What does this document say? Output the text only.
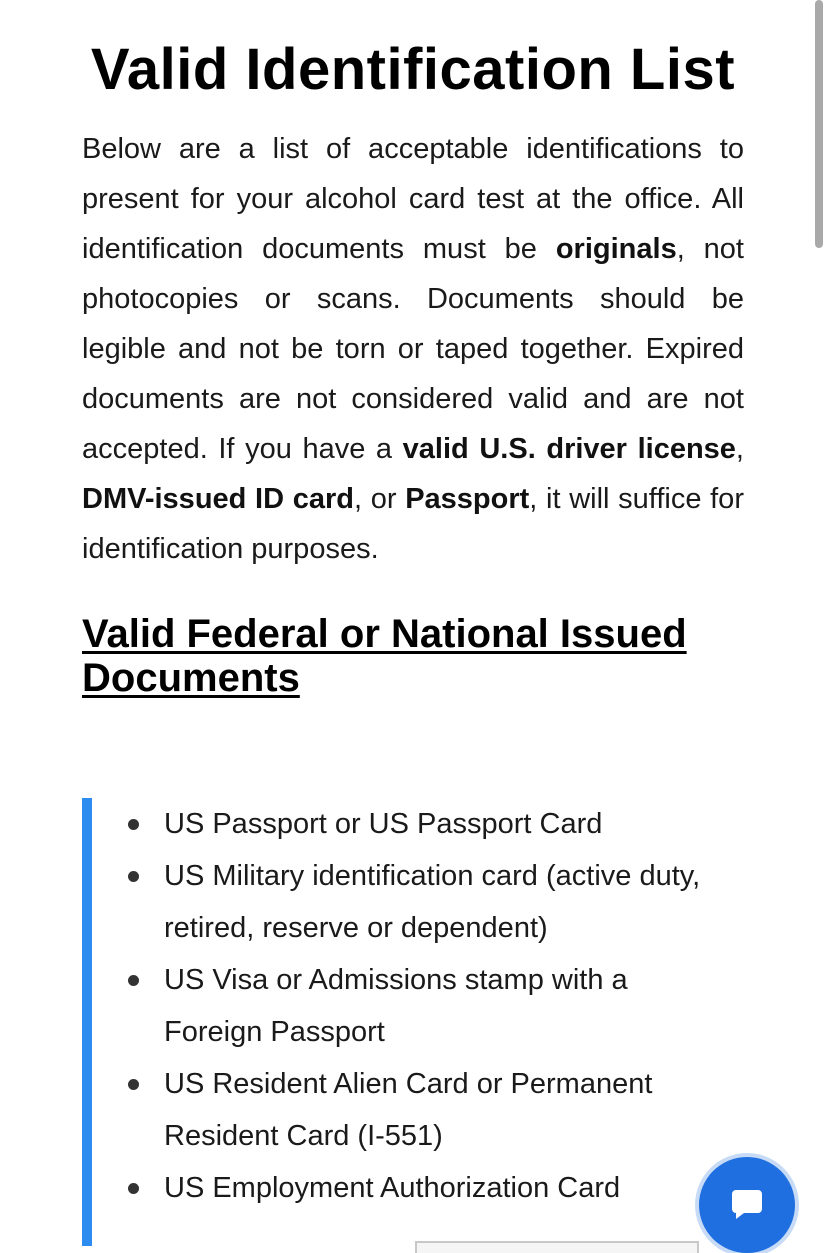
Valid Identification List

Below are a list of acceptable identifications to present for your alcohol card test at the office. All identification documents must be originals, not photocopies or scans. Documents should be legible and not be torn or taped together. Expired documents are not considered valid and are not accepted. If you have a valid U.S. driver license, DMV-issued ID card, or Passport, it will suffice for identification purposes.

Valid Federal or National Issued Documents
US Passport or US Passport Card
US Military identification card (active duty, retired, reserve or dependent)
US Visa or Admissions stamp with a Foreign Passport
US Resident Alien Card or Permanent Resident Card (I-551)
US Employment Authorization Card
